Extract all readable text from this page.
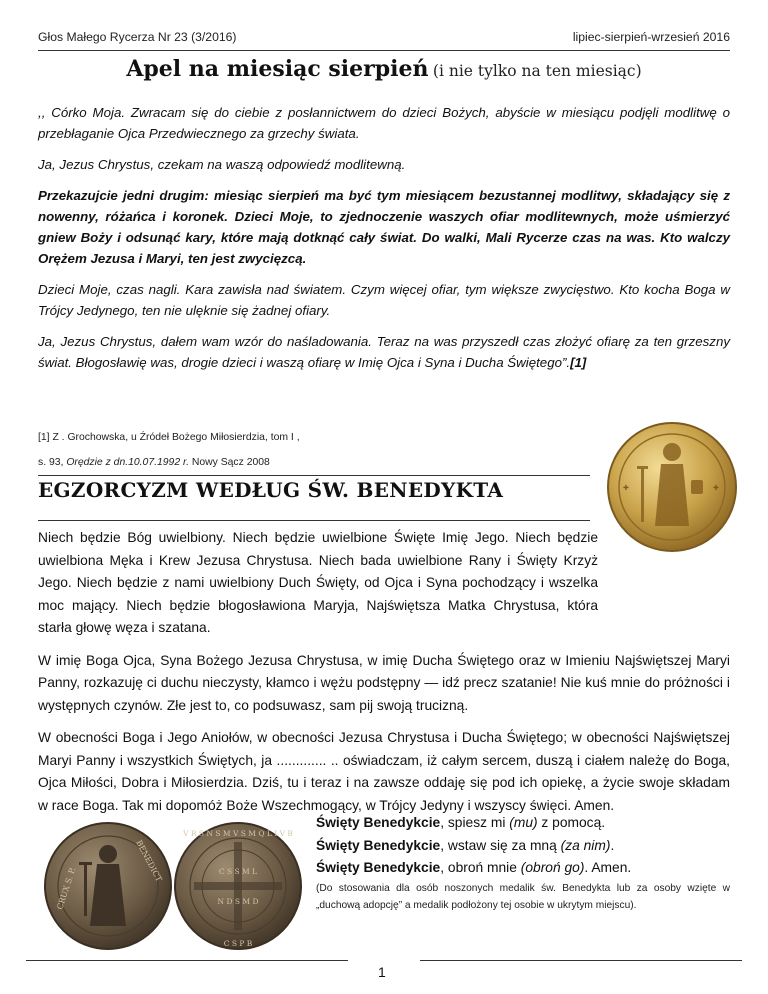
Głos Małego Rycerza Nr 23 (3/2016)	lipiec-sierpień-wrzesień 2016
Apel na miesiąc sierpień (i nie tylko na ten miesiąc)

,, Córko Moja. Zwracam się do ciebie z posłannictwem do dzieci Bożych, abyście w miesiącu podjęli modlitwę o przebłaganie Ojca Przedwiecznego za grzechy świata.

Ja, Jezus Chrystus, czekam na waszą odpowiedź modlitewną.

Przekazujcie jedni drugim: miesiąc sierpień ma być tym miesiącem bezustannej modlitwy, składający się z nowenny, różańca i koronek. Dzieci Moje, to zjednoczenie waszych ofiar modlitewnych, może uśmierzyć gniew Boży i odsunąć kary, które mają dotknąć cały świat. Do walki, Mali Rycerze czas na was. Kto walczy Orężem Jezusa i Maryi, ten jest zwycięzcą.

Dzieci Moje, czas nagli. Kara zawisła nad światem. Czym więcej ofiar, tym większe zwycięstwo. Kto kocha Boga w Trójcy Jedynego, ten nie ulęknie się żadnej ofiary.

Ja, Jezus Chrystus, dałem wam wzór do naśladowania. Teraz na was przyszedł czas złożyć ofiarę za ten grzeszny świat. Błogosławię was, drogie dzieci i waszą ofiarę w Imię Ojca i Syna i Ducha Świętego”.[1]

[1] Z . Grochowska, u Źródeł Bożego Miłosierdzia, tom I ,
s. 93, Orędzie z dn.10.07.1992 r. Nowy Sącz 2008
EGZORCYZM WEDŁUG ŚW. BENEDYKTA

Niech będzie Bóg uwielbiony. Niech będzie uwielbione Święte Imię Jego. Niech będzie uwielbiona Męka i Krew Jezusa Chrystusa. Niech bada uwielbione Rany i Święty Krzyż Jego. Niech będzie z nami uwielbiony Duch Święty, od Ojca i Syna pochodzący i wszelka moc mający. Niech będzie błogosławiona Maryja, Najświętsza Matka Chrystusa, która starła głowę węza i szatana.

W imię Boga Ojca, Syna Bożego Jezusa Chrystusa, w imię Ducha Świętego oraz w Imieniu Najświętszej Maryi Panny, rozkazuję ci duchu nieczysty, kłamco i wężu podstępny — idź precz szatanie! Nie kuś mnie do próżności i występnych czynów. Złe jest to, co podsuwasz, sam pij swoją trucizną.

W obecności Boga i Jego Aniołów, w obecności Jezusa Chrystusa i Ducha Świętego; w obecności Najświętszej Maryi Panny i wszystkich Świętych, ja ............. .. oświadczam, iż całym sercem, duszą i ciałem należę do Boga, Ojca Miłości, Dobra i Miłosierdzia. Dziś, tu i teraz i na zawsze oddaję się pod ich opiekę, a życie swoje składam w race Boga. Tak mi dopomóż Boże Wszechmogący, w Trójcy Jedyny i wszyscy święci. Amen.

Święty Benedykcie, spiesz mi (mu) z pomocą.
Święty Benedykcie, wstaw się za mną (za nim).
Święty Benedykcie, obroń mnie (obroń go). Amen.
(Do stosowania dla osób noszonych medalik św. Benedykta lub za osoby wzięte w „duchową adopcję” a medalik podłożony tej osobie w ukrytym miejscu).
✚	✚
CRUX S. P.
BENEDICT
V R S N S M V S M Q L I V B
C S P B
N D S M D
C S S M L
1
